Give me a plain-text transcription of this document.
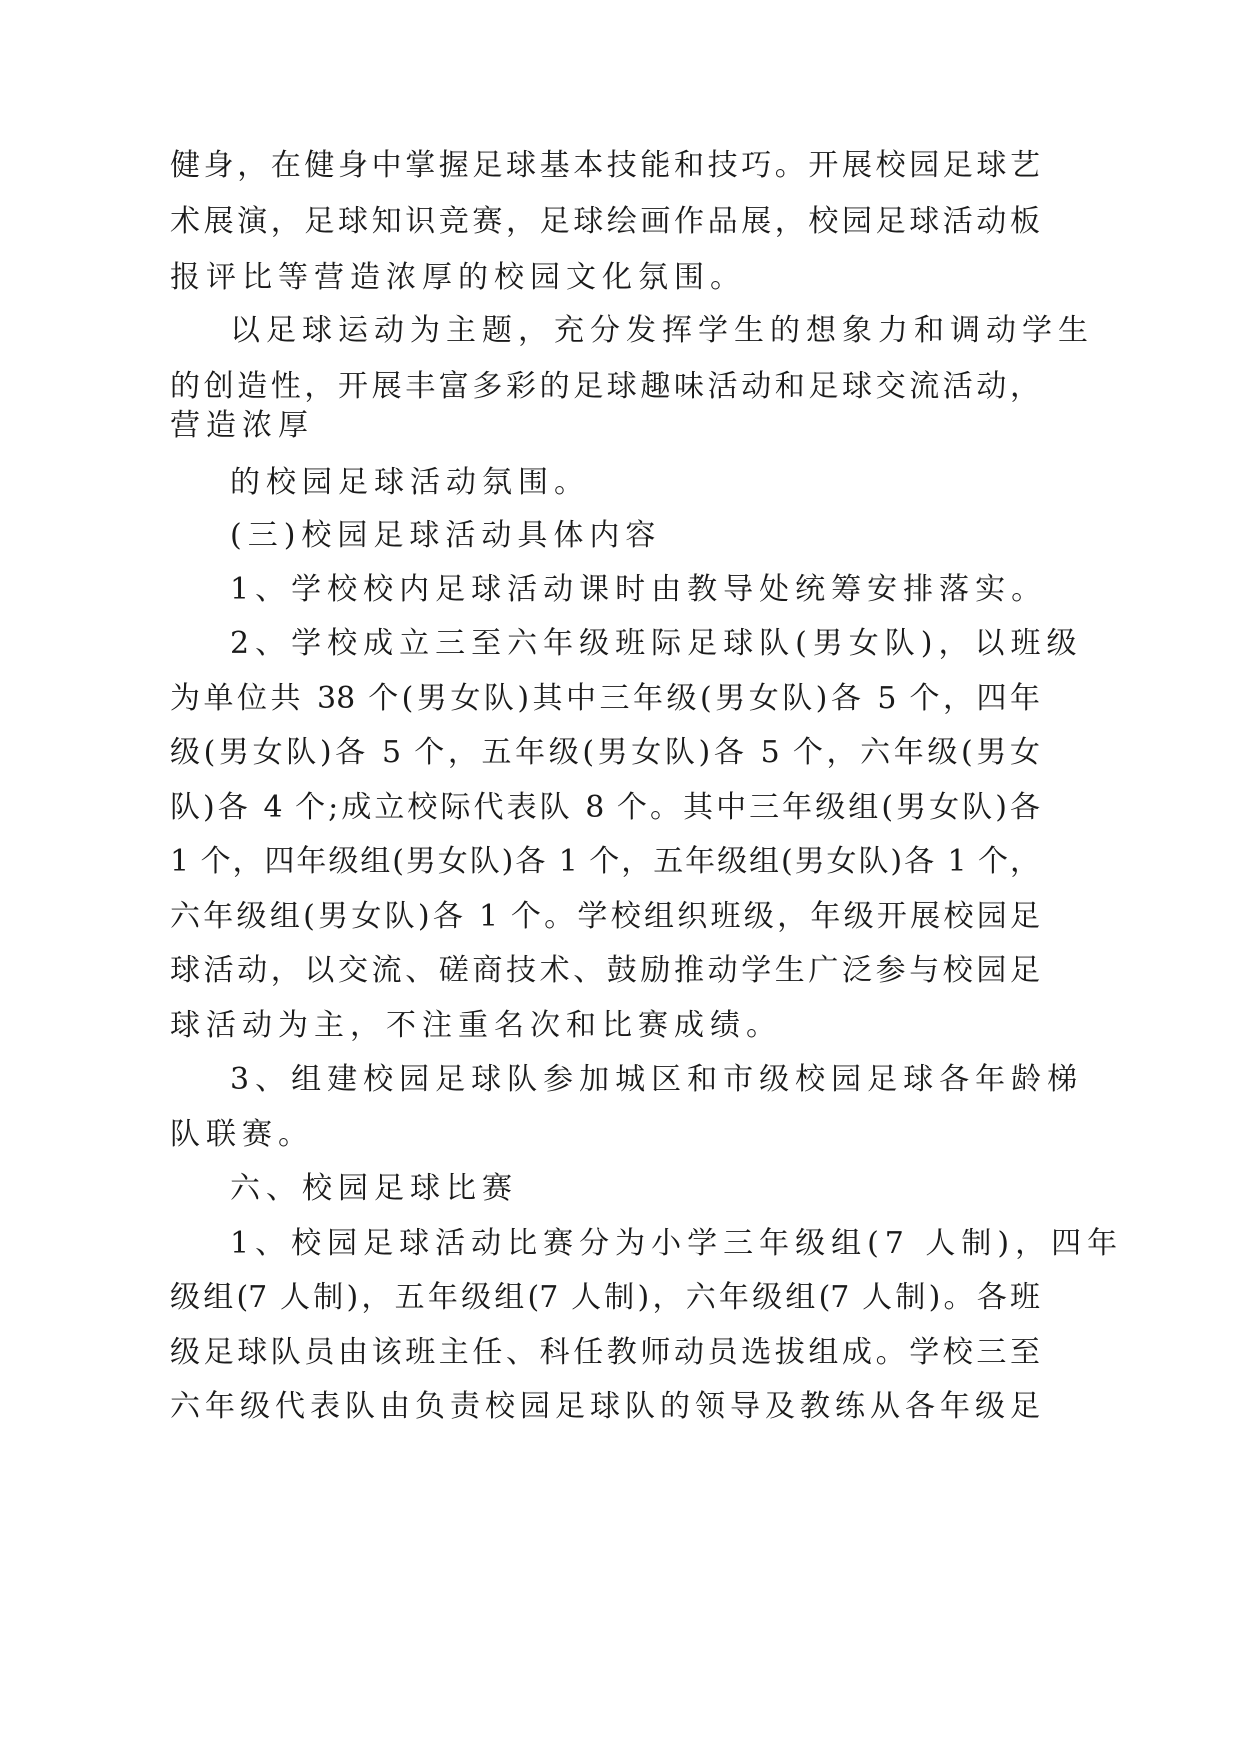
健身，在健身中掌握足球基本技能和技巧。开展校园足球艺

术展演，足球知识竞赛，足球绘画作品展，校园足球活动板

报评比等营造浓厚的校园文化氛围。

以足球运动为主题，充分发挥学生的想象力和调动学生

的创造性，开展丰富多彩的足球趣味活动和足球交流活动，

营造浓厚

的校园足球活动氛围。

(三)校园足球活动具体内容

1、学校校内足球活动课时由教导处统筹安排落实。

2、学校成立三至六年级班际足球队(男女队)，以班级

为单位共 38 个(男女队)其中三年级(男女队)各 5 个，四年

级(男女队)各 5 个，五年级(男女队)各 5 个，六年级(男女

队)各 4 个;成立校际代表队 8 个。其中三年级组(男女队)各

1 个，四年级组(男女队)各 1 个，五年级组(男女队)各 1 个，

六年级组(男女队)各 1 个。学校组织班级，年级开展校园足

球活动，以交流、磋商技术、鼓励推动学生广泛参与校园足

球活动为主，不注重名次和比赛成绩。

3、组建校园足球队参加城区和市级校园足球各年龄梯

队联赛。

六、校园足球比赛

1、校园足球活动比赛分为小学三年级组(7 人制)，四年

级组(7 人制)，五年级组(7 人制)，六年级组(7 人制)。各班

级足球队员由该班主任、科任教师动员选拔组成。学校三至

六年级代表队由负责校园足球队的领导及教练从各年级足
